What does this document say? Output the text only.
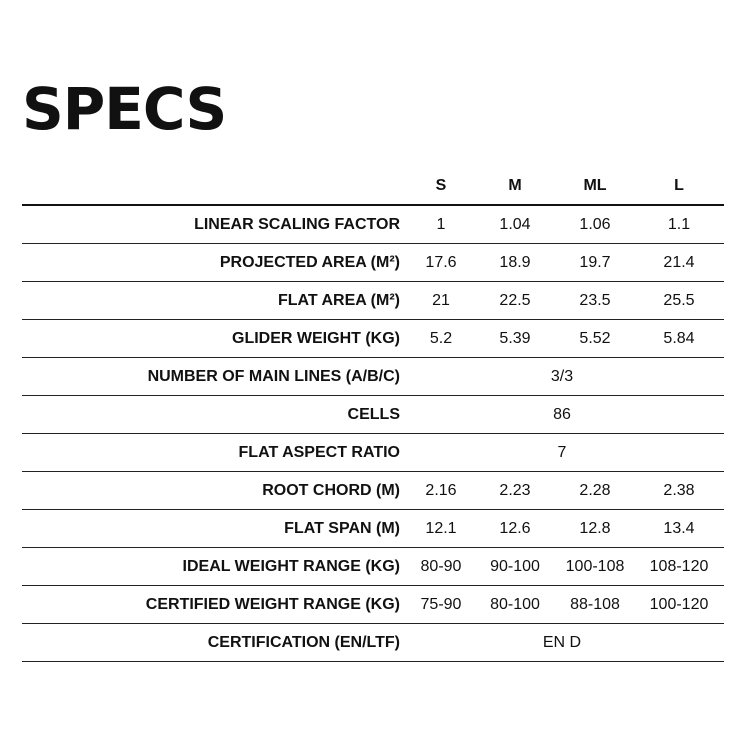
SPECS
S	M	ML	L
LINEAR SCALING FACTOR	1	1.04	1.06	1.1
PROJECTED AREA (M²)	17.6	18.9	19.7	21.4
FLAT AREA (M²)	21	22.5	23.5	25.5
GLIDER WEIGHT (KG)	5.2	5.39	5.52	5.84
NUMBER OF MAIN LINES (A/B/C)	3/3
CELLS	86
FLAT ASPECT RATIO	7
ROOT CHORD (M)	2.16	2.23	2.28	2.38
FLAT SPAN (M)	12.1	12.6	12.8	13.4
IDEAL WEIGHT RANGE (KG)	80-90	90-100	100-108	108-120
CERTIFIED WEIGHT RANGE (KG)	75-90	80-100	88-108	100-120
CERTIFICATION (EN/LTF)	EN D
